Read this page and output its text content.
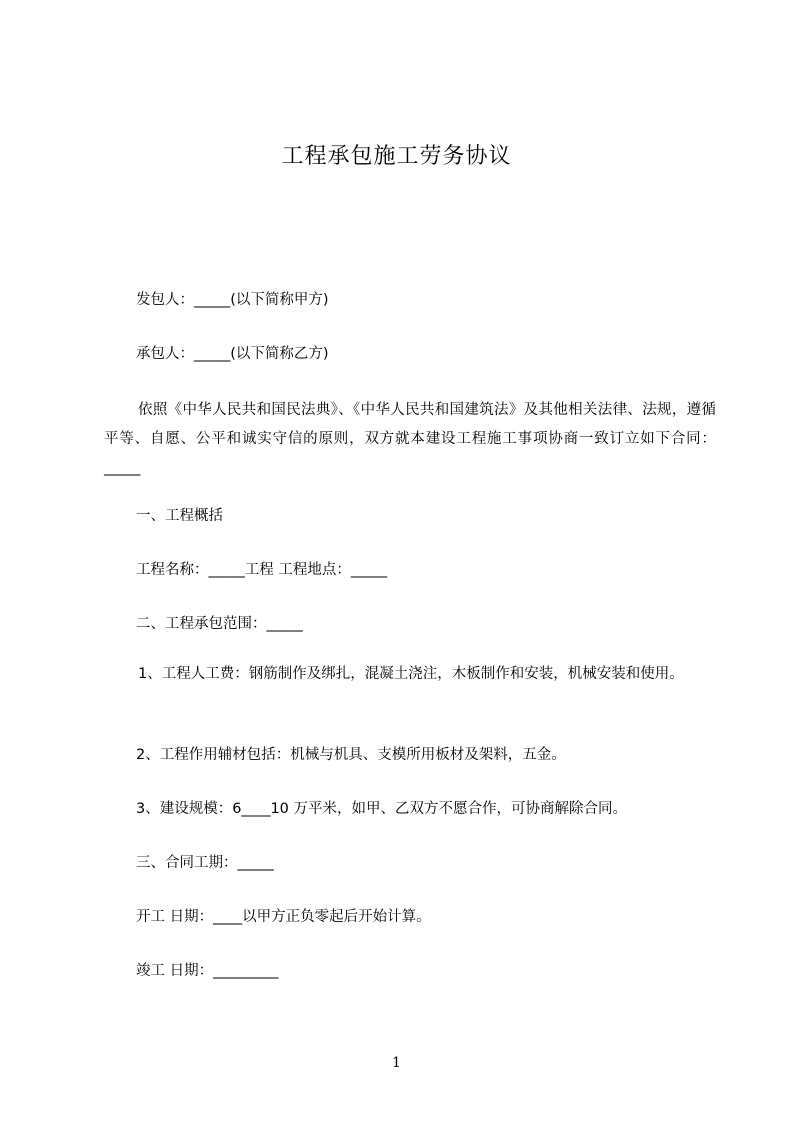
工程承包施工劳务协议
发包人：_____(以下简称甲方)
承包人：_____(以下简称乙方)
依照《中华人民共和国民法典》、《中华人民共和国建筑法》及其他相关法律、法规，遵循平等、自愿、公平和诚实守信的原则，双方就本建设工程施工事项协商一致订立如下合同：_____
一、工程概括
工程名称：_____工程 工程地点：_____
二、工程承包范围：_____
1、工程人工费：钢筋制作及绑扎，混凝土浇注，木板制作和安装，机械安装和使用。
2、工程作用辅材包括：机械与机具、支模所用板材及架料，五金。
3、建设规模：6____10 万平米，如甲、乙双方不愿合作，可协商解除合同。
三、合同工期：_____
开工 日期：____以甲方正负零起后开始计算。
竣工 日期：_________
1
